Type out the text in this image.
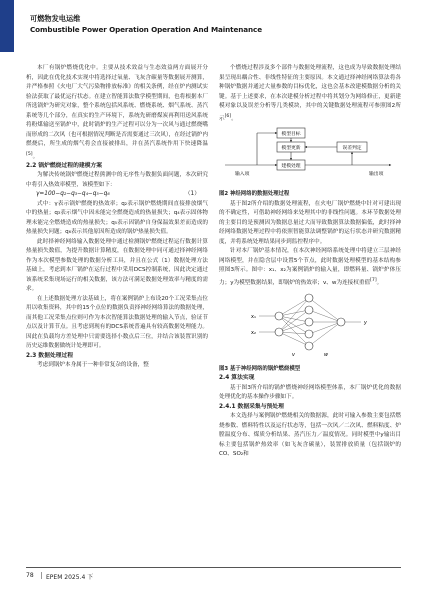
可燃物发电运维
Combustible Power Operation Operation And Maintenance

本厂有锅炉燃烧优化中。主要从技术效益与生态效益两方面展开分析，因此在优化技术实现中将选择过氧量、飞灰含碳量等数据展开测算，并严格参照《火电厂大气污染物排放标准》的相关条例，经在炉内测试实验法获取了最优运行状态。在建立智能算法数学模型期间，也将根据本厂所选锅炉为研究对象，整个系统包括风系统、燃烧系统、烟气系统、蒸汽系统等几个部分，在真实的生产环境下，系统先研磨煤炭再利用送风系统将粉煤输送至锅炉中，此时锅炉的生产过程可以分为一次风与通过燃烧嘴而形成的二次风（也可根据情况判断是否需要通过三次风），在经过锅炉内燃烧后，所生成的烟气将会直接被排出，并在蒸汽系统作用下快速降温[5]。

2.2 锅炉燃烧过程的建模方案

为解决传统锅炉燃烧过程熊测中的无序性与数据负面问题，本次研究中将引入热效率模型，该模型如下：

γ=100−q₂−q₃−q₄−q₅−q₆	（1）

式中：γ表示锅炉燃烧的热效率；q₂表示锅炉燃烧期间直接排放烟气中的热量；q₃表示烟气中因未能完全燃烧造成的热量损失；q₄表示固体物理未能完全燃烧造成的热量损失；q₅表示因锅炉自身保温效果差而造成的热量损失问题；q₆表示其他原因所造成的锅炉热量损失值。

此时择神经网络输入数据处理中通过检测锅炉燃烧过程运行数据计算热量损失数值，为提升数据计算精度，在数据处理中同可通过择神经网络作为本次模型参数处理的数据分析工具，并且在公式（1）数据处理方法基础上，考虑到本厂锅炉在运行过程中采用DCS控制系统，因此决定通过该系统采集现场运行的相关数据，该方法可满足数据处理效率与精度的需求。

在上述数据处理方法基础上，将在案例锅炉上布设20个工况采集点位用以收集资料，其中的15个点位的数据负责择神经网络算法的数据处理，而其他工况采集点位则可作为本次智能算法数据处理的输入节点，验证节点以及计算节点。且考虑到现有的DCS系统普遍具有较高数据处理能力。因此在负载均方差处理中只需要选择小数点后三位，并结合该装置识别的历史运维数据做统计处理即可。

2.3 数据处理过程

考虑到锅炉本身属于一种非常复杂的设备，整

个燃烧过程涉及多个部件与数据处理流程，这也成为导致数据处理结果呈现出耦合性、非线性特征的主要原因。本文通过择神经网络算法将各种锅炉数据并通过大量参数的目标优化，这也会基本改建模数据分析的关键。基于上述要求，在本次建模分析过程中将其划分为网络修正，更新建模对象以及误差分析等几类模块，其中的关键数据处理流程可参照图2所示[6]。

模型目标
模型更新
建模处理
误差判定
输入项	输出项

图2 神经网络的数据处理过程

基于图2所介绍的数据处理流程，在火电厂锅炉燃烧中针对可建出现的不确定性，可借助神经网络来处理其中的非线性问题。本环节数据处理的主要目的是预测因为数据总量过大而导致数据算法数据偏低，此时择神经网络数据处理过程中将依照智能算法调整锅炉的运行状态并研究数据精度，并将系统处理结果同步到监控程序中。

针对本厂锅炉基本情况，在本次神经网络系统处理中将建立三层神经网络模型，并在隐含层中设置5个节点，此时数据处理模型的基本结构参照图3所示。图中：x₁、x₂为案例锅炉的输入量，即燃料量、锅炉炉体压力；y为模型数据结果，即锅炉的热效率；v、w为连接权重值[7]。

x₁
x₂
v	w
y

图3 基于神经网络的锅炉燃烧模型

2.4 算法实现

基于图3所介绍的锅炉燃烧神经网络模型体系，本厂锅炉优化的数据处理优化的基本操作步骤如下。

2.4.1 数据采集与预处理

本文选择与案例锅炉燃烧相关的数据源，此时可输入参数主要包括燃烧参数、燃料特性以及运行状态等，包括一次风／二次风、燃料粘度、炉膛温度分布、煤质分析结果、蒸汽压力／温度情况。同时模型中y输出目标主要包括锅炉热效率（如飞灰含碳量），装置排放质量（包括锅炉的CO、SO₂和

78 EPEM 2025.4 下
